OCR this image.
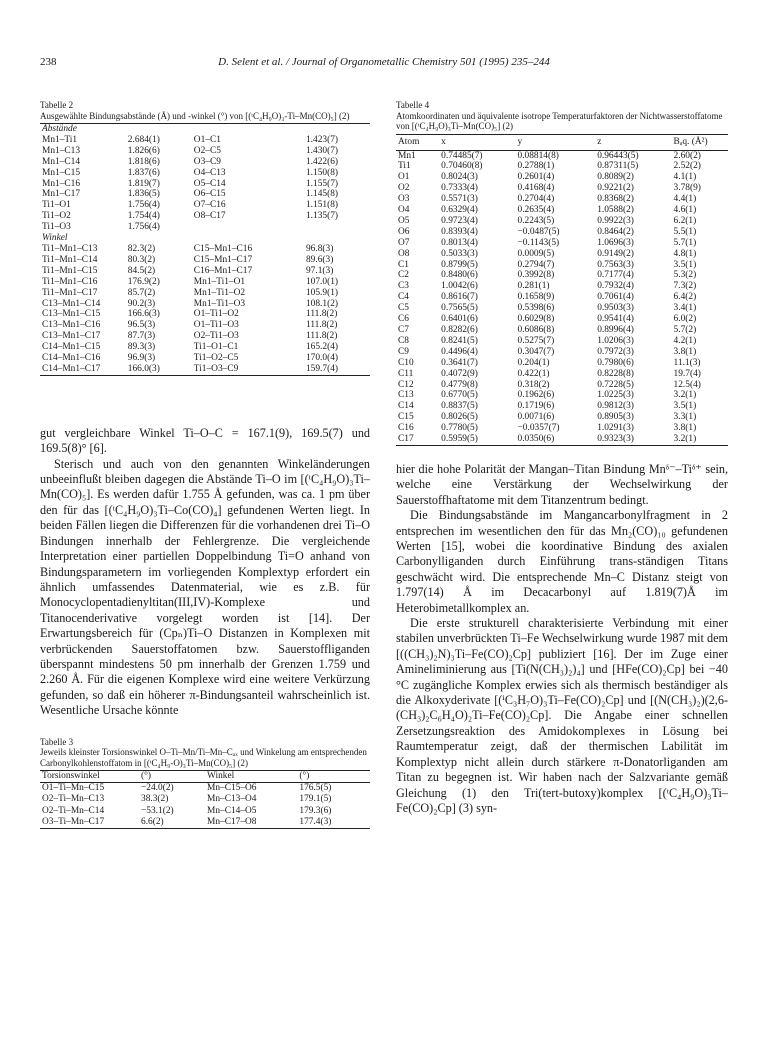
238	D. Selent et al. / Journal of Organometallic Chemistry 501 (1995) 235–244
Tabelle 2
Ausgewählte Bindungsabstände (Å) und -winkel (°) von [(ᵗC₄H₉O)₃-Ti–Mn(CO)₅] (2)
Abstände			
Mn1–Ti1	2.684(1)	O1–C1	1.423(7)
Mn1–C13	1.826(6)	O2–C5	1.430(7)
Mn1–C14	1.818(6)	O3–C9	1.422(6)
Mn1–C15	1.837(6)	O4–C13	1.150(8)
Mn1–C16	1.819(7)	O5–C14	1.155(7)
Mn1–C17	1.836(5)	O6–C15	1.145(8)
Ti1–O1	1.756(4)	O7–C16	1.151(8)
Ti1–O2	1.754(4)	O8–C17	1.135(7)
Ti1–O3	1.756(4)		
Winkel			
Ti1–Mn1–C13	82.3(2)	C15–Mn1–C16	96.8(3)
Ti1–Mn1–C14	80.3(2)	C15–Mn1–C17	89.6(3)
Ti1–Mn1–C15	84.5(2)	C16–Mn1–C17	97.1(3)
Ti1–Mn1–C16	176.9(2)	Mn1–Ti1–O1	107.0(1)
Ti1–Mn1–C17	85.7(2)	Mn1–Ti1–O2	105.9(1)
C13–Mn1–C14	90.2(3)	Mn1–Ti1–O3	108.1(2)
C13–Mn1–C15	166.6(3)	O1–Ti1–O2	111.8(2)
C13–Mn1–C16	96.5(3)	O1–Ti1–O3	111.8(2)
C13–Mn1–C17	87.7(3)	O2–Ti1–O3	111.8(2)
C14–Mn1–C15	89.3(3)	Ti1–O1–C1	165.2(4)
C14–Mn1–C16	96.9(3)	Ti1–O2–C5	170.0(4)
C14–Mn1–C17	166.0(3)	Ti1–O3–C9	159.7(4)

gut vergleichbare Winkel Ti–O–C = 167.1(9), 169.5(7) und 169.5(8)° [6].

Sterisch und auch von den genannten Winkeländerungen unbeeinflußt bleiben dagegen die Abstände Ti–O im [(ᵗC₄H₉O)₃Ti–Mn(CO)₅]. Es werden dafür 1.755 Å gefunden, was ca. 1 pm über den für das [(ᵗC₄H₉O)₃Ti–Co(CO)₄] gefundenen Werten liegt. In beiden Fällen liegen die Differenzen für die vorhandenen drei Ti–O Bindungen innerhalb der Fehlergrenze. Die vergleichende Interpretation einer partiellen Doppelbindung Ti=O anhand von Bindungsparametern im vorliegenden Komplextyp erfordert ein ähnlich umfassendes Datenmaterial, wie es z.B. für Monocyclopentadienyltitan(III,IV)-Komplexe und Titanocenderivative vorgelegt worden ist [14]. Der Erwartungsbereich für (Cpₙ)Ti–O Distanzen in Komplexen mit verbrückenden Sauerstoffatomen bzw. Sauerstoffliganden überspannt mindestens 50 pm innerhalb der Grenzen 1.759 und 2.260 Å. Für die eigenen Komplexe wird eine weitere Verkürzung gefunden, so daß ein höherer π-Bindungsanteil wahrscheinlich ist. Wesentliche Ursache könnte

Tabelle 3
Jeweils kleinster Torsionswinkel O–Ti–Mn/Ti–Mn–Cₐₓ und Winkelung am entsprechenden Carbonylkohlenstoffatom in [(ᵗC₄H₉-O)₃Ti–Mn(CO)₅] (2)
Torsionswinkel	(°)	Winkel	(°)
O1–Ti–Mn–C15	−24.0(2)	Mn–C15–O6	176.5(5)
O2–Ti–Mn–C13	38.3(2)	Mn–C13–O4	179.1(5)
O2–Ti–Mn–C14	−53.1(2)	Mn–C14–O5	179.3(6)
O3–Ti–Mn–C17	6.6(2)	Mn–C17–O8	177.4(3)
Tabelle 4
Atomkoordinaten und äquivalente isotrope Temperaturfaktoren der Nichtwasserstoffatome von [(ᵗC₄H₉O)₃Ti–Mn(CO)₅] (2)
Atom	x	y	z	Bₐq. (Å²)
Mn1	0.74485(7)	0.08814(8)	0.96443(5)	2.60(2)
Ti1	0.70460(8)	0.2788(1)	0.87311(5)	2.52(2)
O1	0.8024(3)	0.2601(4)	0.8089(2)	4.1(1)
O2	0.7333(4)	0.4168(4)	0.9221(2)	3.78(9)
O3	0.5571(3)	0.2704(4)	0.8368(2)	4.4(1)
O4	0.6329(4)	0.2635(4)	1.0588(2)	4.6(1)
O5	0.9723(4)	0.2243(5)	0.9922(3)	6.2(1)
O6	0.8393(4)	−0.0487(5)	0.8464(2)	5.5(1)
O7	0.8013(4)	−0.1143(5)	1.0696(3)	5.7(1)
O8	0.5033(3)	0.0009(5)	0.9149(2)	4.8(1)
C1	0.8799(5)	0.2794(7)	0.7563(3)	3.5(1)
C2	0.8480(6)	0.3992(8)	0.7177(4)	5.3(2)
C3	1.0042(6)	0.281(1)	0.7932(4)	7.3(2)
C4	0.8616(7)	0.1658(9)	0.7061(4)	6.4(2)
C5	0.7565(5)	0.5398(6)	0.9503(3)	3.4(1)
C6	0.6401(6)	0.6029(8)	0.9541(4)	6.0(2)
C7	0.8282(6)	0.6086(8)	0.8996(4)	5.7(2)
C8	0.8241(5)	0.5275(7)	1.0206(3)	4.2(1)
C9	0.4496(4)	0.3047(7)	0.7972(3)	3.8(1)
C10	0.3641(7)	0.204(1)	0.7980(6)	11.1(3)
C11	0.4072(9)	0.422(1)	0.8228(8)	19.7(4)
C12	0.4779(8)	0.318(2)	0.7228(5)	12.5(4)
C13	0.6770(5)	0.1962(6)	1.0225(3)	3.2(1)
C14	0.8837(5)	0.1719(6)	0.9812(3)	3.5(1)
C15	0.8026(5)	0.0071(6)	0.8905(3)	3.3(1)
C16	0.7780(5)	−0.0357(7)	1.0291(3)	3.8(1)
C17	0.5959(5)	0.0350(6)	0.9323(3)	3.2(1)

hier die hohe Polarität der Mangan–Titan Bindung Mnᵟ⁻–Tiᵟ⁺ sein, welche eine Verstärkung der Wechselwirkung der Sauerstoffhaftatome mit dem Titanzentrum bedingt.

Die Bindungsabstände im Mangancarbonylfragment in 2 entsprechen im wesentlichen den für das Mn₂(CO)₁₀ gefundenen Werten [15], wobei die koordinative Bindung des axialen Carbonylliganden durch Einführung trans-ständigen Titans geschwächt wird. Die entsprechende Mn–C Distanz steigt von 1.797(14) Å im Decacarbonyl auf 1.819(7)Å im Heterobimetallkomplex an.

Die erste strukturell charakterisierte Verbindung mit einer stabilen unverbrückten Ti–Fe Wechselwirkung wurde 1987 mit dem [((CH₃)₂N)₃Ti–Fe(CO)₂Cp] publiziert [16]. Der im Zuge einer Amineliminierung aus [Ti(N(CH₃)₂)₄] und [HFe(CO)₂Cp] bei −40 °C zugängliche Komplex erwies sich als thermisch beständiger als die Alkoxyderivate [(ⁱC₃H₇O)₃Ti–Fe(CO)₂Cp] und [(N(CH₃)₂)(2,6-(CH₃)₂C₆H₄O)₂Ti–Fe(CO)₂Cp]. Die Angabe einer schnellen Zersetzungsreaktion des Amidokomplexes in Lösung bei Raumtemperatur zeigt, daß der thermischen Labilität im Komplextyp nicht allein durch stärkere π-Donatorliganden am Titan zu begegnen ist. Wir haben nach der Salzvariante gemäß Gleichung (1) den Tri(tert-butoxy)komplex [(ᵗC₄H₉O)₃Ti–Fe(CO)₂Cp] (3) syn-
